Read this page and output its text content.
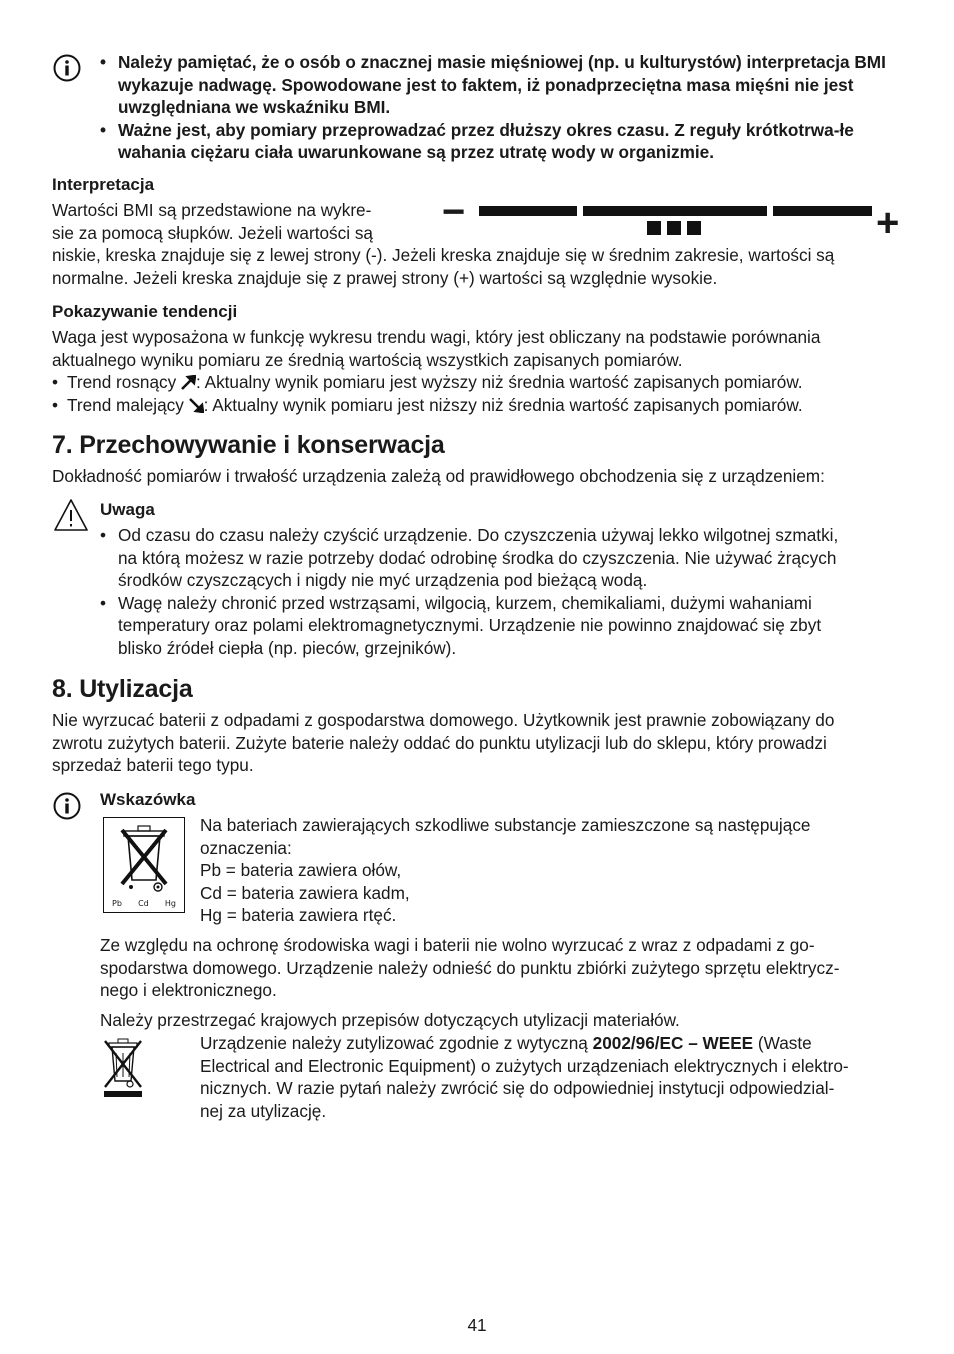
• Należy pamiętać, że o osób o znacznej masie mięśniowej (np. u kulturystów) interpretacja BMI wykazuje nadwagę. Spowodowane jest to faktem, iż ponadprzeciętna masa mięśni nie jest uwzględniana we wskaźniku BMI.
• Ważne jest, aby pomiary przeprowadzać przez dłuższy okres czasu. Z reguły krótkotrwa-łe wahania ciężaru ciała uwarunkowane są przez utratę wody w organizmie.
Interpretacja
Wartości BMI są przedstawione na wykre-
sie za pomocą słupków. Jeżeli wartości są
niskie, kreska znajduje się z lewej strony (-). Jeżeli kreska znajduje się w średnim zakresie, wartości są
normalne. Jeżeli kreska znajduje się z prawej strony (+) wartości są względnie wysokie.
−	+
Pokazywanie tendencji
Waga jest wyposażona w funkcję wykresu trendu wagi, który jest obliczany na podstawie porównania
aktualnego wyniku pomiaru ze średnią wartością wszystkich zapisanych pomiarów.
• Trend rosnący : Aktualny wynik pomiaru jest wyższy niż średnia wartość zapisanych pomiarów.
• Trend malejący : Aktualny wynik pomiaru jest niższy niż średnia wartość zapisanych pomiarów.
7. Przechowywanie i konserwacja
Dokładność pomiarów i trwałość urządzenia zależą od prawidłowego obchodzenia się z urządzeniem:
Uwaga
• Od czasu do czasu należy czyścić urządzenie. Do czyszczenia używaj lekko wilgotnej szmatki,
na którą możesz w razie potrzeby dodać odrobinę środka do czyszczenia. Nie używać żrących
środków czyszczących i nigdy nie myć urządzenia pod bieżącą wodą.
• Wagę należy chronić przed wstrząsami, wilgocią, kurzem, chemikaliami, dużymi wahaniami
temperatury oraz polami elektromagnetycznymi. Urządzenie nie powinno znajdować się zbyt
blisko źródeł ciepła (np. pieców, grzejników).
8. Utylizacja
Nie wyrzucać baterii z odpadami z gospodarstwa domowego. Użytkownik jest prawnie zobowiązany do
zwrotu zużytych baterii. Zużyte baterie należy oddać do punktu utylizacji lub do sklepu, który prowadzi
sprzedaż baterii tego typu.
Wskazówka
Pb Cd Hg
Na bateriach zawierających szkodliwe substancje zamieszczone są następujące
oznaczenia:
Pb = bateria zawiera ołów,
Cd = bateria zawiera kadm,
Hg = bateria zawiera rtęć.
Ze względu na ochronę środowiska wagi i baterii nie wolno wyrzucać z wraz z odpadami z go-
spodarstwa domowego. Urządzenie należy odnieść do punktu zbiórki zużytego sprzętu elektrycz-
nego i elektronicznego.
Należy przestrzegać krajowych przepisów dotyczących utylizacji materiałów.
Urządzenie należy zutylizować zgodnie z wytyczną 2002/96/EC – WEEE (Waste
Electrical and Electronic Equipment) o zużytych urządzeniach elektrycznych i elektro-
nicznych. W razie pytań należy zwrócić się do odpowiedniej instytucji odpowiedzial-
nej za utylizację.
41
